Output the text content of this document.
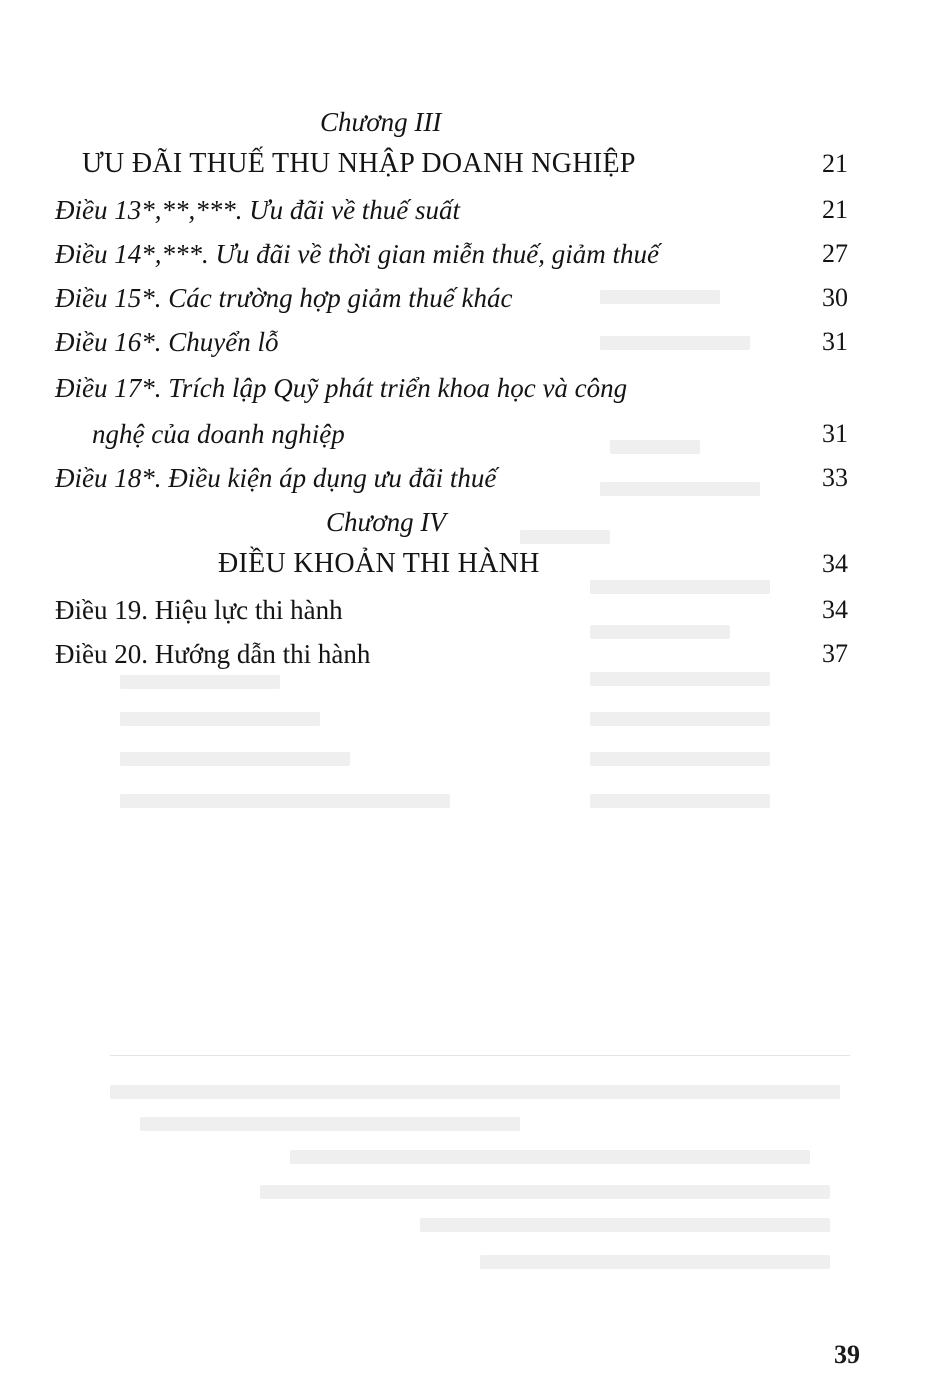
Chương III
ƯU ĐÃI THUẾ THU NHẬP DOANH NGHIỆP	21
Điều 13*,**,***. Ưu đãi về thuế suất	21
Điều 14*,***. Ưu đãi về thời gian miễn thuế, giảm thuế	27
Điều 15*. Các trường hợp giảm thuế khác	30
Điều 16*. Chuyển lỗ	31
Điều 17*. Trích lập Quỹ phát triển khoa học và công
nghệ của doanh nghiệp	31
Điều 18*. Điều kiện áp dụng ưu đãi thuế	33
Chương IV
ĐIỀU KHOẢN THI HÀNH	34
Điều 19. Hiệu lực thi hành	34
Điều 20. Hướng dẫn thi hành	37
39
